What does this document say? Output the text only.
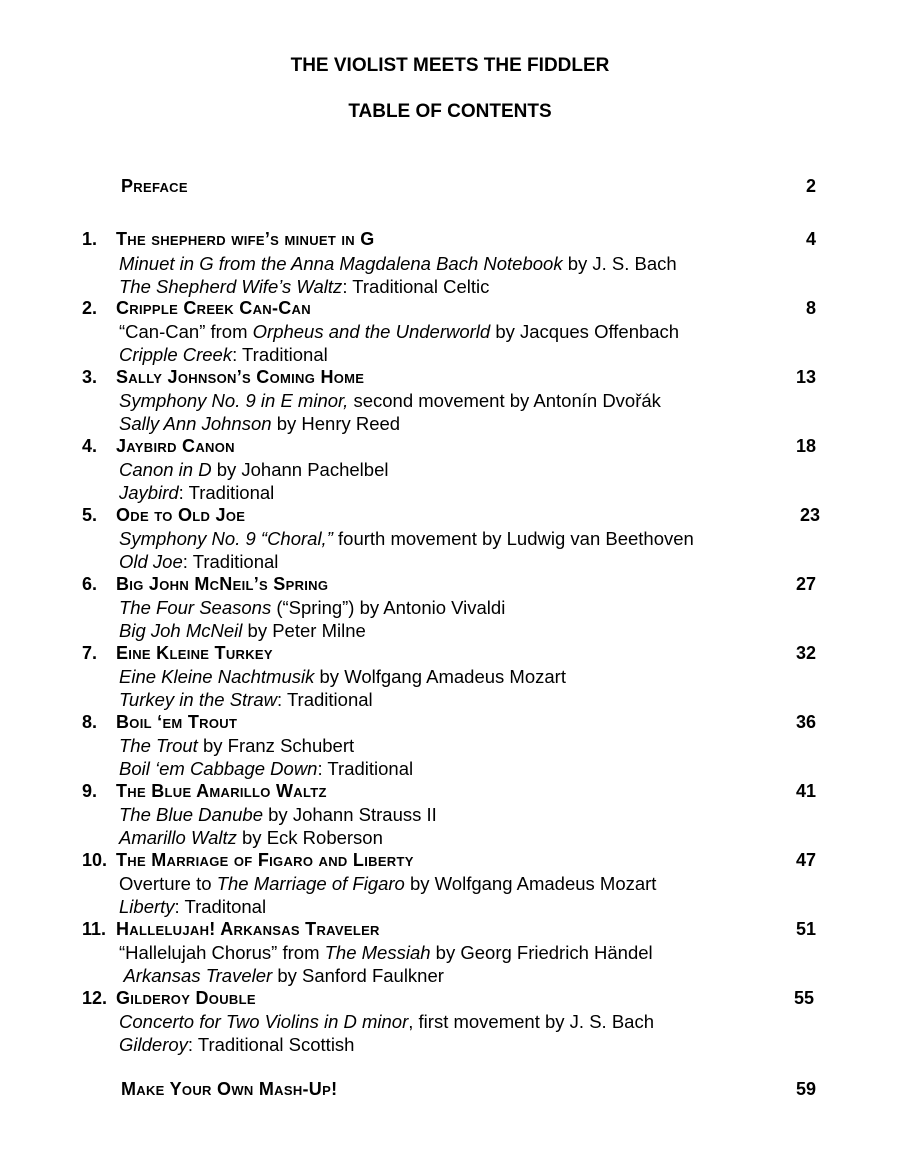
THE VIOLIST MEETS THE FIDDLER
TABLE OF CONTENTS
Preface	2
1. The shepherd wife’s minuet in G	4
Minuet in G from the Anna Magdalena Bach Notebook by J. S. Bach
The Shepherd Wife’s Waltz: Traditional Celtic
2. Cripple Creek Can-Can	8
“Can-Can” from Orpheus and the Underworld by Jacques Offenbach
Cripple Creek: Traditional
3. Sally Johnson’s Coming Home	13
Symphony No. 9 in E minor, second movement by Antonín Dvořák
Sally Ann Johnson by Henry Reed
4. Jaybird Canon	18
Canon in D by Johann Pachelbel
Jaybird: Traditional
5. Ode to Old Joe	23
Symphony No. 9 “Choral,” fourth movement by Ludwig van Beethoven
Old Joe: Traditional
6. Big John McNeil’s Spring	27
The Four Seasons (“Spring”) by Antonio Vivaldi
Big Joh McNeil by Peter Milne
7. Eine Kleine Turkey	32
Eine Kleine Nachtmusik by Wolfgang Amadeus Mozart
Turkey in the Straw: Traditional
8. Boil ‘em Trout	36
The Trout by Franz Schubert
Boil ‘em Cabbage Down: Traditional
9. The Blue Amarillo Waltz	41
The Blue Danube by Johann Strauss II
Amarillo Waltz by Eck Roberson
10. The Marriage of Figaro and Liberty	47
Overture to The Marriage of Figaro by Wolfgang Amadeus Mozart
Liberty: Traditonal
11. Hallelujah! Arkansas Traveler	51
“Hallelujah Chorus” from The Messiah by Georg Friedrich Händel
Arkansas Traveler by Sanford Faulkner
12. Gilderoy Double	55
Concerto for Two Violins in D minor, first movement by J. S. Bach
Gilderoy: Traditional Scottish
Make Your Own Mash-Up!	59
